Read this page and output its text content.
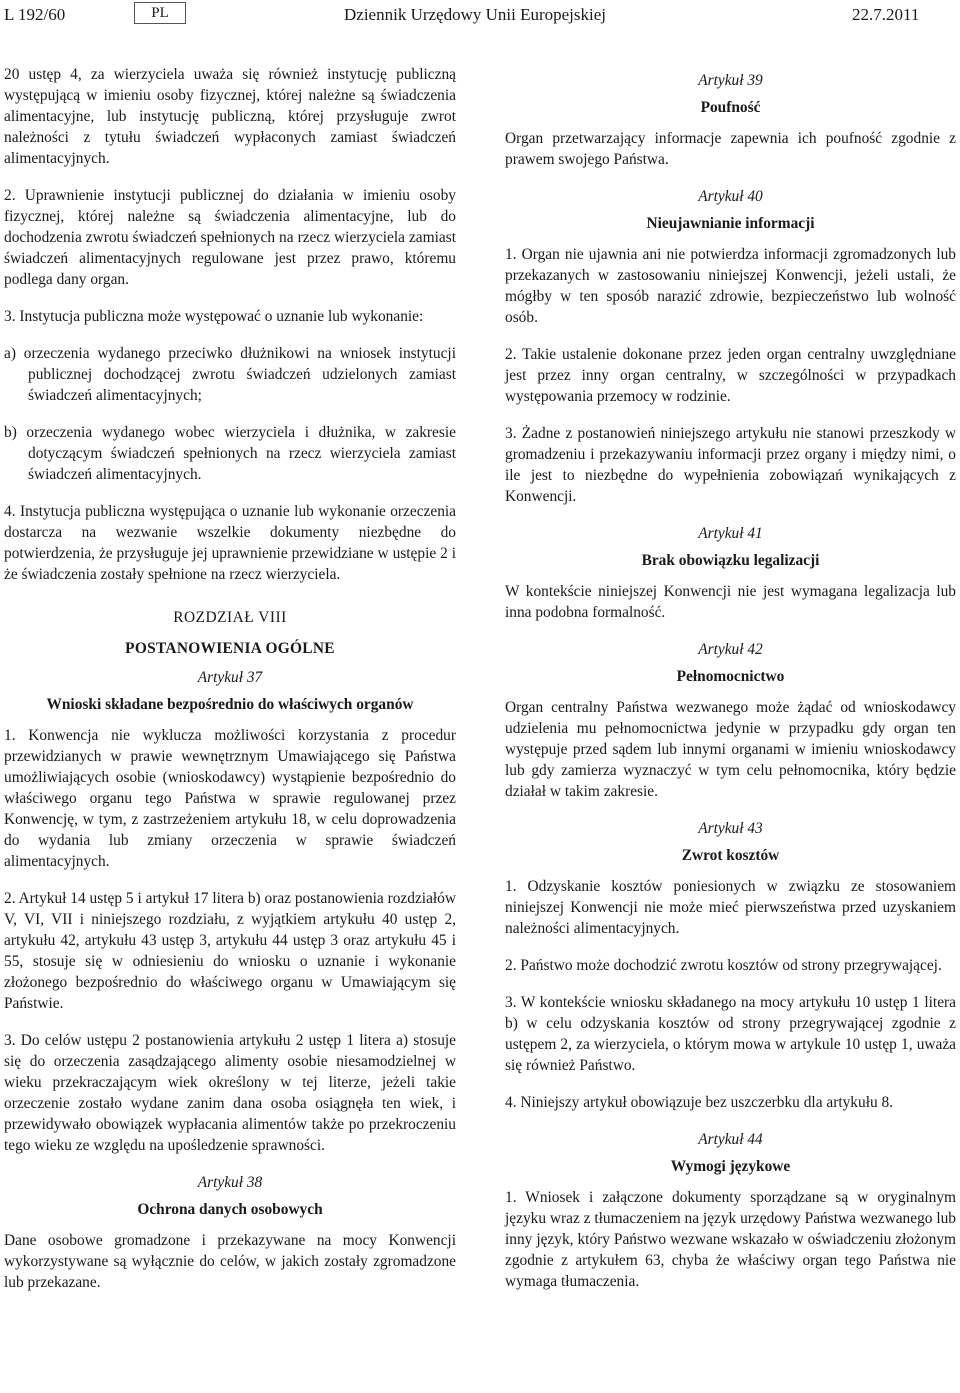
L 192/60	PL	Dziennik Urzędowy Unii Europejskiej	22.7.2011

20 ustęp 4, za wierzyciela uważa się również instytucję publiczną występującą w imieniu osoby fizycznej, której należne są świadczenia alimentacyjne, lub instytucję publiczną, której przysługuje zwrot należności z tytułu świadczeń wypłaconych zamiast świadczeń alimentacyjnych.

2. Uprawnienie instytucji publicznej do działania w imieniu osoby fizycznej, której należne są świadczenia alimentacyjne, lub do dochodzenia zwrotu świadczeń spełnionych na rzecz wierzyciela zamiast świadczeń alimentacyjnych regulowane jest przez prawo, któremu podlega dany organ.

3. Instytucja publiczna może występować o uznanie lub wykonanie:

a) orzeczenia wydanego przeciwko dłużnikowi na wniosek instytucji publicznej dochodzącej zwrotu świadczeń udzielonych zamiast świadczeń alimentacyjnych;
b) orzeczenia wydanego wobec wierzyciela i dłużnika, w zakresie dotyczącym świadczeń spełnionych na rzecz wierzyciela zamiast świadczeń alimentacyjnych.

4. Instytucja publiczna występująca o uznanie lub wykonanie orzeczenia dostarcza na wezwanie wszelkie dokumenty niezbędne do potwierdzenia, że przysługuje jej uprawnienie przewidziane w ustępie 2 i że świadczenia zostały spełnione na rzecz wierzyciela.

ROZDZIAŁ VIII
POSTANOWIENIA OGÓLNE
Artykuł 37
Wnioski składane bezpośrednio do właściwych organów

1. Konwencja nie wyklucza możliwości korzystania z procedur przewidzianych w prawie wewnętrznym Umawiającego się Państwa umożliwiających osobie (wnioskodawcy) wystąpienie bezpośrednio do właściwego organu tego Państwa w sprawie regulowanej przez Konwencję, w tym, z zastrzeżeniem artykułu 18, w celu doprowadzenia do wydania lub zmiany orzeczenia w sprawie świadczeń alimentacyjnych.

2. Artykuł 14 ustęp 5 i artykuł 17 litera b) oraz postanowienia rozdziałów V, VI, VII i niniejszego rozdziału, z wyjątkiem artykułu 40 ustęp 2, artykułu 42, artykułu 43 ustęp 3, artykułu 44 ustęp 3 oraz artykułu 45 i 55, stosuje się w odniesieniu do wniosku o uznanie i wykonanie złożonego bezpośrednio do właściwego organu w Umawiającym się Państwie.

3. Do celów ustępu 2 postanowienia artykułu 2 ustęp 1 litera a) stosuje się do orzeczenia zasądzającego alimenty osobie niesamodzielnej w wieku przekraczającym wiek określony w tej literze, jeżeli takie orzeczenie zostało wydane zanim dana osoba osiągnęła ten wiek, i przewidywało obowiązek wypłacania alimentów także po przekroczeniu tego wieku ze względu na upośledzenie sprawności.

Artykuł 38
Ochrona danych osobowych

Dane osobowe gromadzone i przekazywane na mocy Konwencji wykorzystywane są wyłącznie do celów, w jakich zostały zgromadzone lub przekazane.

Artykuł 39
Poufność

Organ przetwarzający informacje zapewnia ich poufność zgodnie z prawem swojego Państwa.

Artykuł 40
Nieujawnianie informacji

1. Organ nie ujawnia ani nie potwierdza informacji zgromadzonych lub przekazanych w zastosowaniu niniejszej Konwencji, jeżeli ustali, że mógłby w ten sposób narazić zdrowie, bezpieczeństwo lub wolność osób.

2. Takie ustalenie dokonane przez jeden organ centralny uwzględniane jest przez inny organ centralny, w szczególności w przypadkach występowania przemocy w rodzinie.

3. Żadne z postanowień niniejszego artykułu nie stanowi przeszkody w gromadzeniu i przekazywaniu informacji przez organy i między nimi, o ile jest to niezbędne do wypełnienia zobowiązań wynikających z Konwencji.

Artykuł 41
Brak obowiązku legalizacji

W kontekście niniejszej Konwencji nie jest wymagana legalizacja lub inna podobna formalność.

Artykuł 42
Pełnomocnictwo

Organ centralny Państwa wezwanego może żądać od wnioskodawcy udzielenia mu pełnomocnictwa jedynie w przypadku gdy organ ten występuje przed sądem lub innymi organami w imieniu wnioskodawcy lub gdy zamierza wyznaczyć w tym celu pełnomocnika, który będzie działał w takim zakresie.

Artykuł 43
Zwrot kosztów

1. Odzyskanie kosztów poniesionych w związku ze stosowaniem niniejszej Konwencji nie może mieć pierwszeństwa przed uzyskaniem należności alimentacyjnych.

2. Państwo może dochodzić zwrotu kosztów od strony przegrywającej.

3. W kontekście wniosku składanego na mocy artykułu 10 ustęp 1 litera b) w celu odzyskania kosztów od strony przegrywającej zgodnie z ustępem 2, za wierzyciela, o którym mowa w artykule 10 ustęp 1, uważa się również Państwo.

4. Niniejszy artykuł obowiązuje bez uszczerbku dla artykułu 8.

Artykuł 44
Wymogi językowe

1. Wniosek i załączone dokumenty sporządzane są w oryginalnym języku wraz z tłumaczeniem na język urzędowy Państwa wezwanego lub inny język, który Państwo wezwane wskazało w oświadczeniu złożonym zgodnie z artykułem 63, chyba że właściwy organ tego Państwa nie wymaga tłumaczenia.
